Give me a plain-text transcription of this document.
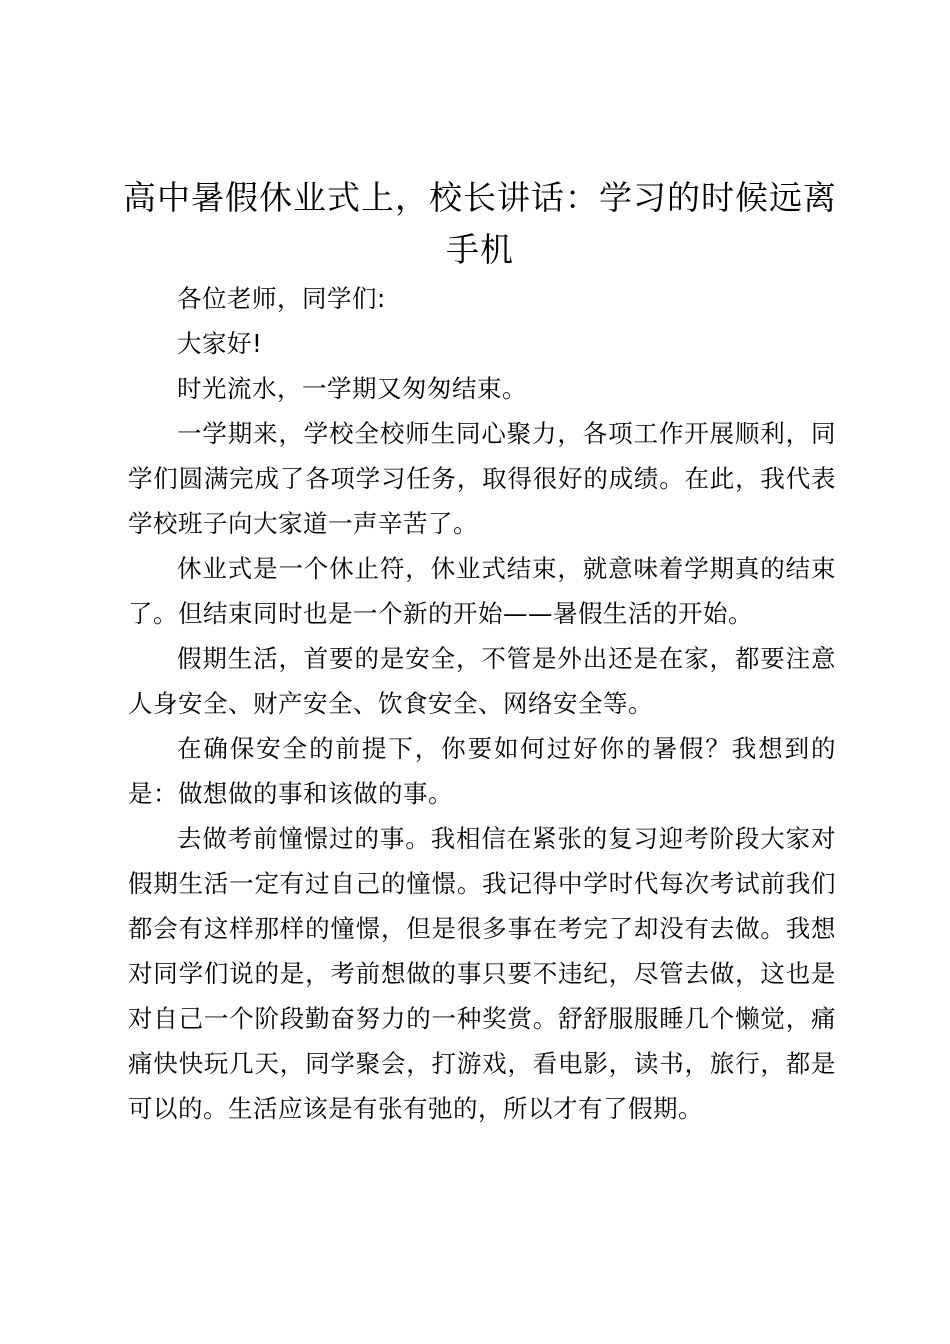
高中暑假休业式上，校长讲话：学习的时候远离手机

各位老师，同学们:

大家好!

时光流水，一学期又匆匆结束。

一学期来，学校全校师生同心聚力，各项工作开展顺利，同学们圆满完成了各项学习任务，取得很好的成绩。在此，我代表学校班子向大家道一声辛苦了。

休业式是一个休止符，休业式结束，就意味着学期真的结束了。但结束同时也是一个新的开始——暑假生活的开始。

假期生活，首要的是安全，不管是外出还是在家，都要注意人身安全、财产安全、饮食安全、网络安全等。

在确保安全的前提下，你要如何过好你的暑假？我想到的是：做想做的事和该做的事。

去做考前憧憬过的事。我相信在紧张的复习迎考阶段大家对假期生活一定有过自己的憧憬。我记得中学时代每次考试前我们都会有这样那样的憧憬，但是很多事在考完了却没有去做。我想对同学们说的是，考前想做的事只要不违纪，尽管去做，这也是对自己一个阶段勤奋努力的一种奖赏。舒舒服服睡几个懒觉，痛痛快快玩几天，同学聚会，打游戏，看电影，读书，旅行，都是可以的。生活应该是有张有弛的，所以才有了假期。
